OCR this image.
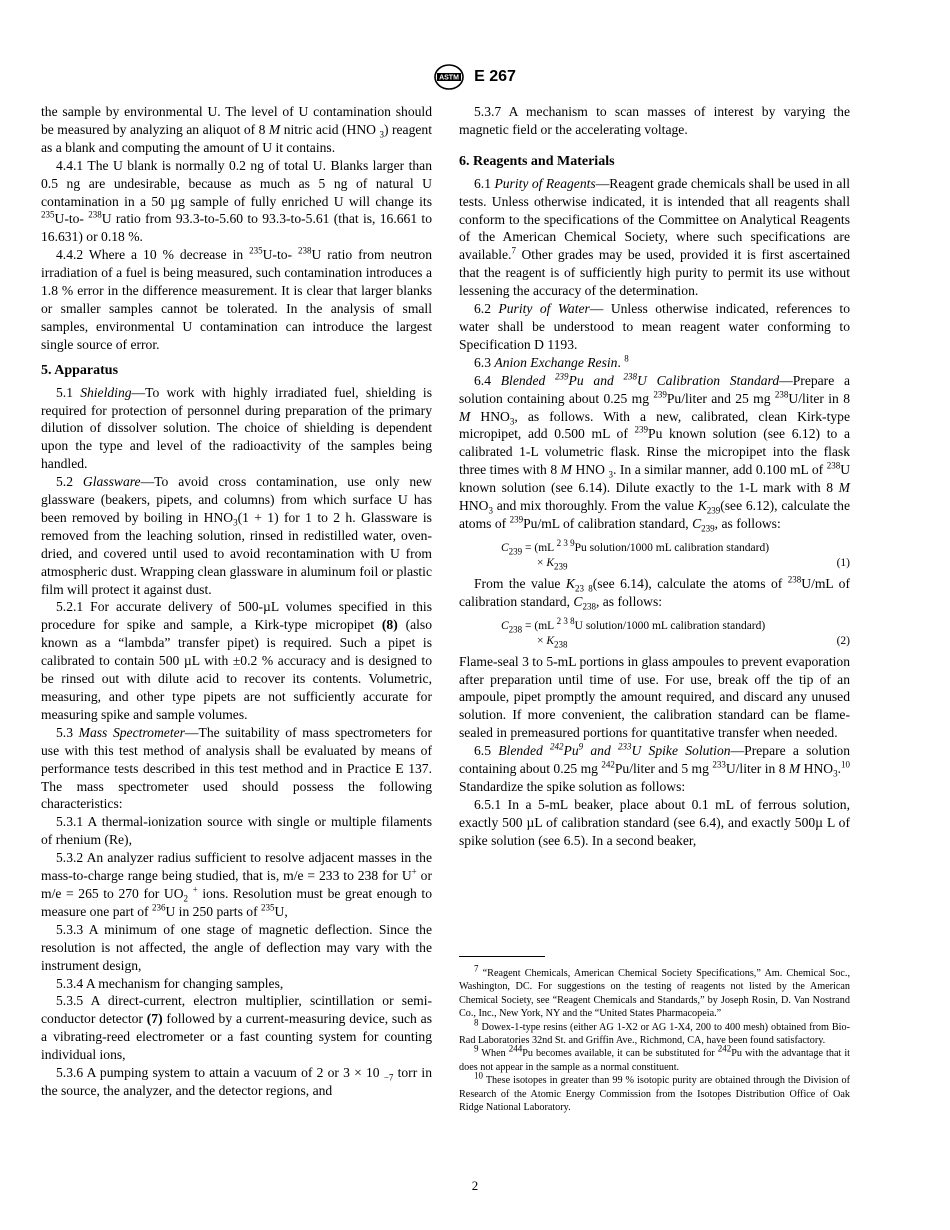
ASTM E 267

the sample by environmental U. The level of U contamination should be measured by analyzing an aliquot of 8 M nitric acid (HNO $_3$) reagent as a blank and computing the amount of U it contains.

4.4.1 The U blank is normally 0.2 ng of total U. Blanks larger than 0.5 ng are undesirable, because as much as 5 ng of natural U contamination in a 50 µg sample of fully enriched U will change its $^{235}$U-to- $^{238}$U ratio from 93.3-to-5.60 to 93.3-to-5.61 (that is, 16.661 to 16.631) or 0.18 %.

4.4.2 Where a 10 % decrease in $^{235}$U-to- $^{238}$U ratio from neutron irradiation of a fuel is being measured, such contamination introduces a 1.8 % error in the difference measurement. It is clear that larger blanks or smaller samples cannot be tolerated. In the analysis of small samples, environmental U contamination can introduce the largest single source of error.

5. Apparatus

5.1 Shielding—To work with highly irradiated fuel, shielding is required for protection of personnel during preparation of the primary dilution of dissolver solution. The choice of shielding is dependent upon the type and level of the radioactivity of the samples being handled.

5.2 Glassware—To avoid cross contamination, use only new glassware (beakers, pipets, and columns) from which surface U has been removed by boiling in $HNO_3(1 + 1)$ for 1 to 2 h. Glassware is removed from the leaching solution, rinsed in redistilled water, oven-dried, and covered until used to avoid recontamination with U from atmospheric dust. Wrapping clean glassware in aluminum foil or plastic film will protect it against dust.

5.2.1 For accurate delivery of 500-µL volumes specified in this procedure for spike and sample, a Kirk-type micropipet (8) (also known as a “lambda” transfer pipet) is required. Such a pipet is calibrated to contain 500 µL with ±0.2 % accuracy and is designed to be rinsed out with dilute acid to recover its contents. Volumetric, measuring, and other type pipets are not sufficiently accurate for measuring spike and sample volumes.

5.3 Mass Spectrometer—The suitability of mass spectrometers for use with this test method of analysis shall be evaluated by means of performance tests described in this test method and in Practice E 137. The mass spectrometer used should possess the following characteristics:

5.3.1 A thermal-ionization source with single or multiple filaments of rhenium (Re),

5.3.2 An analyzer radius sufficient to resolve adjacent masses in the mass-to-charge range being studied, that is, m/e = 233 to 238 for U+ or m/e = 265 to 270 for $UO_2$ + ions. Resolution must be great enough to measure one part of $^{236}$U in 250 parts of $^{235}$U,

5.3.3 A minimum of one stage of magnetic deflection. Since the resolution is not affected, the angle of deflection may vary with the instrument design,

5.3.4 A mechanism for changing samples,

5.3.5 A direct-current, electron multiplier, scintillation or semi-conductor detector (7) followed by a current-measuring device, such as a vibrating-reed electrometer or a fast counting system for counting individual ions,

5.3.6 A pumping system to attain a vacuum of 2 or 3 × 10 $_{-7}$ torr in the source, the analyzer, and the detector regions, and

5.3.7 A mechanism to scan masses of interest by varying the magnetic field or the accelerating voltage.

6. Reagents and Materials

6.1 Purity of Reagents—Reagent grade chemicals shall be used in all tests. Unless otherwise indicated, it is intended that all reagents shall conform to the specifications of the Committee on Analytical Reagents of the American Chemical Society, where such specifications are available.$^7$ Other grades may be used, provided it is first ascertained that the reagent is of sufficiently high purity to permit its use without lessening the accuracy of the determination.

6.2 Purity of Water— Unless otherwise indicated, references to water shall be understood to mean reagent water conforming to Specification D 1193.

6.3 Anion Exchange Resin. $^8$

6.4 Blended $^{239}$Pu and $^{238}$U Calibration Standard—Prepare a solution containing about 0.25 mg $^{239}$Pu/liter and 25 mg $^{238}$U/liter in 8 M $HNO_3$, as follows. With a new, calibrated, clean Kirk-type micropipet, add 0.500 mL of $^{239}$Pu known solution (see 6.12) to a calibrated 1-L volumetric flask. Rinse the micropipet into the flask three times with 8 M HNO $_3$. In a similar manner, add 0.100 mL of $^{238}$U known solution (see 6.14). Dilute exactly to the 1-L mark with 8 M $HNO_3$ and mix thoroughly. From the value $K_{239}(see$ 6.12), calculate the atoms of $^{239}$Pu/mL of calibration standard, $C_{239}$, as follows:

$C_{239} = (mL$ $^{2 3 9}$Pu solution/1000 mL calibration standard)
× $K_{239}$	(1)

From the value $K_{23 8}(see$ 6.14), calculate the atoms of $^{238}$U/mL of calibration standard, $C_{238}$, as follows:

$C_{238} = (mL$ $^{2 3 8}$U solution/1000 mL calibration standard)
× $K_{238}$	(2)

Flame-seal 3 to 5-mL portions in glass ampoules to prevent evaporation after preparation until time of use. For use, break off the tip of an ampoule, pipet promptly the amount required, and discard any unused solution. If more convenient, the calibration standard can be flame-sealed in premeasured portions for quantitative transfer when needed.

6.5 Blended $^{242}$Pu$^9$ and $^{233}$U Spike Solution—Prepare a solution containing about 0.25 mg $^{242}$Pu/liter and 5 mg $^{233}$U/liter in 8 M $HNO_3.^{10}$ Standardize the spike solution as follows:

6.5.1 In a 5-mL beaker, place about 0.1 mL of ferrous solution, exactly 500 µL of calibration standard (see 6.4), and exactly 500µ L of spike solution (see 6.5). In a second beaker,

$^7$ “Reagent Chemicals, American Chemical Society Specifications,” Am. Chemical Soc., Washington, DC. For suggestions on the testing of reagents not listed by the American Chemical Society, see “Reagent Chemicals and Standards,” by Joseph Rosin, D. Van Nostrand Co., Inc., New York, NY and the “United States Pharmacopeia.”

$^8$ Dowex-1-type resins (either AG 1-X2 or AG 1-X4, 200 to 400 mesh) obtained from Bio-Rad Laboratories 32nd St. and Griffin Ave., Richmond, CA, have been found satisfactory.

$^9$ When $^{244}$Pu becomes available, it can be substituted for $^{242}$Pu with the advantage that it does not appear in the sample as a normal constituent.

$^{10}$ These isotopes in greater than 99 % isotopic purity are obtained through the Division of Research of the Atomic Energy Commission from the Isotopes Distribution Office of Oak Ridge National Laboratory.

2
